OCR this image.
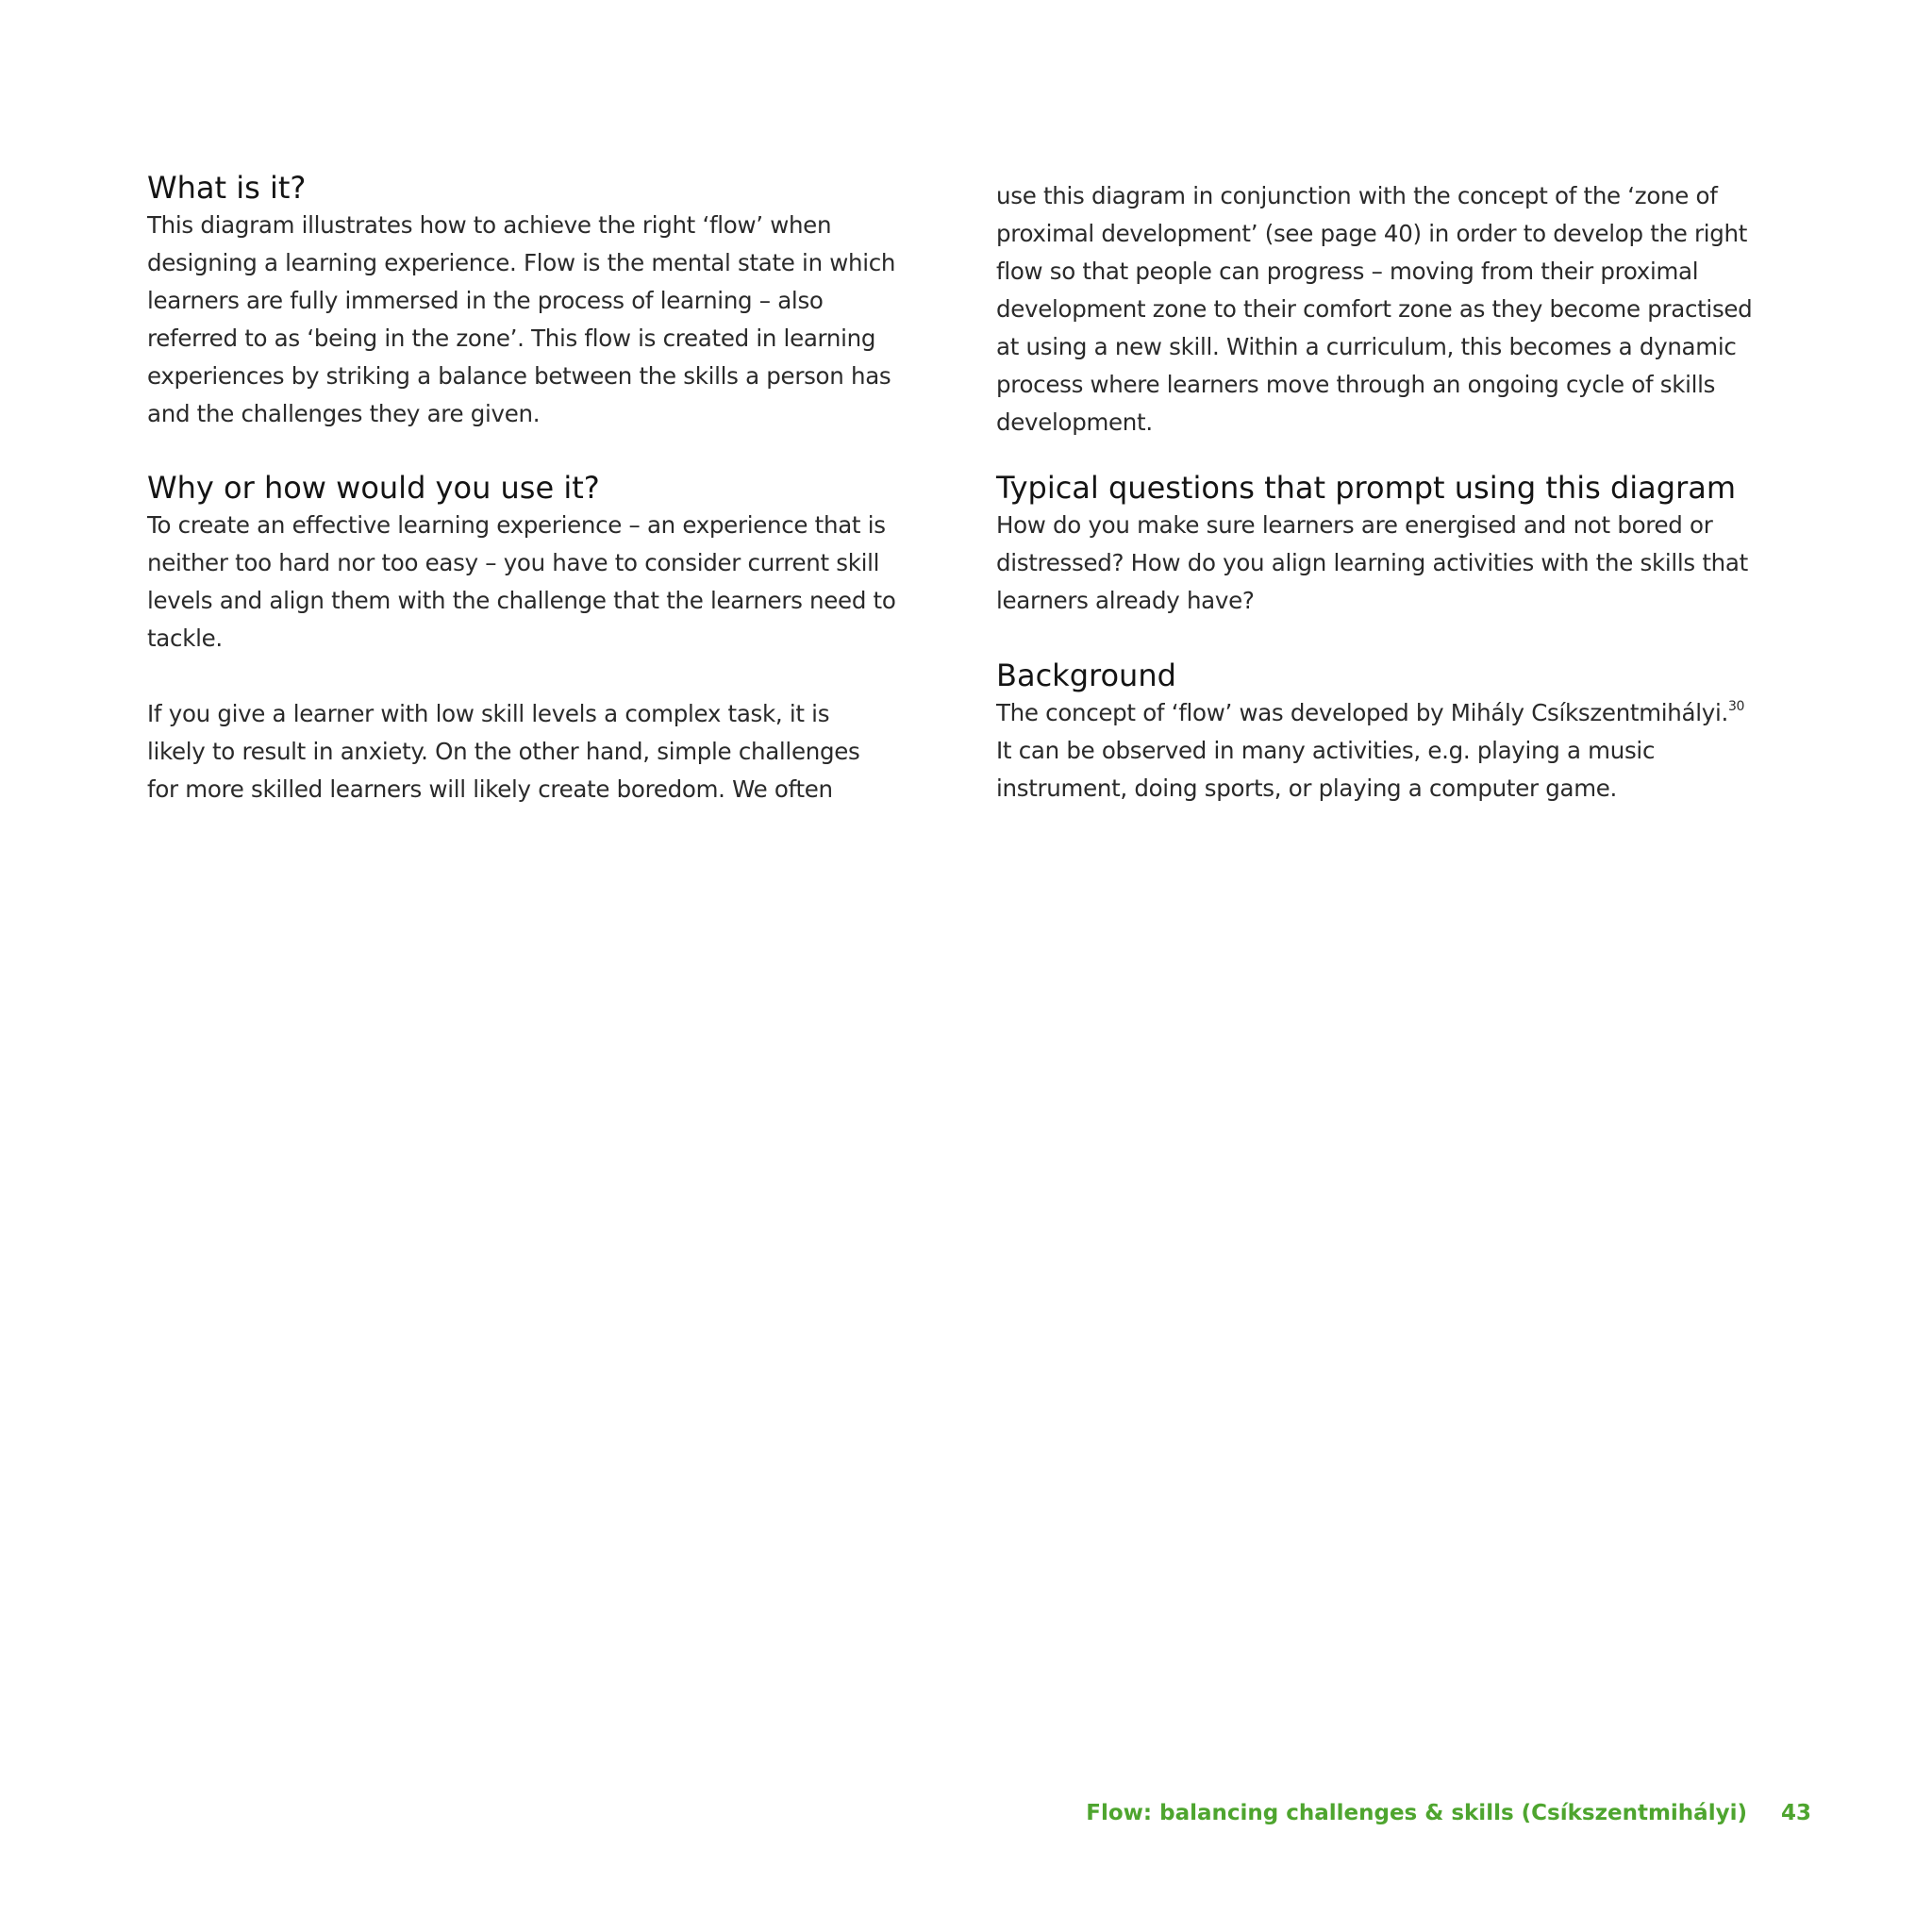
What is it?

This diagram illustrates how to achieve the right ‘flow’ when
designing a learning experience. Flow is the mental state in which
learners are fully immersed in the process of learning – also
referred to as ‘being in the zone’. This flow is created in learning
experiences by striking a balance between the skills a person has
and the challenges they are given.

Why or how would you use it?

To create an effective learning experience – an experience that is
neither too hard nor too easy – you have to consider current skill
levels and align them with the challenge that the learners need to
tackle.

If you give a learner with low skill levels a complex task, it is
likely to result in anxiety. On the other hand, simple challenges
for more skilled learners will likely create boredom. We often

use this diagram in conjunction with the concept of the ‘zone of
proximal development’ (see page 40) in order to develop the right
flow so that people can progress – moving from their proximal
development zone to their comfort zone as they become practised
at using a new skill. Within a curriculum, this becomes a dynamic
process where learners move through an ongoing cycle of skills
development.

Typical questions that prompt using this diagram

How do you make sure learners are energised and not bored or
distressed? How do you align learning activities with the skills that
learners already have?

Background

The concept of ‘flow’ was developed by Mihály Csíkszentmihályi.$^{30}$
It can be observed in many activities, e.g. playing a music
instrument, doing sports, or playing a computer game.

Flow: balancing challenges & skills (Csíkszentmihályi) 43
